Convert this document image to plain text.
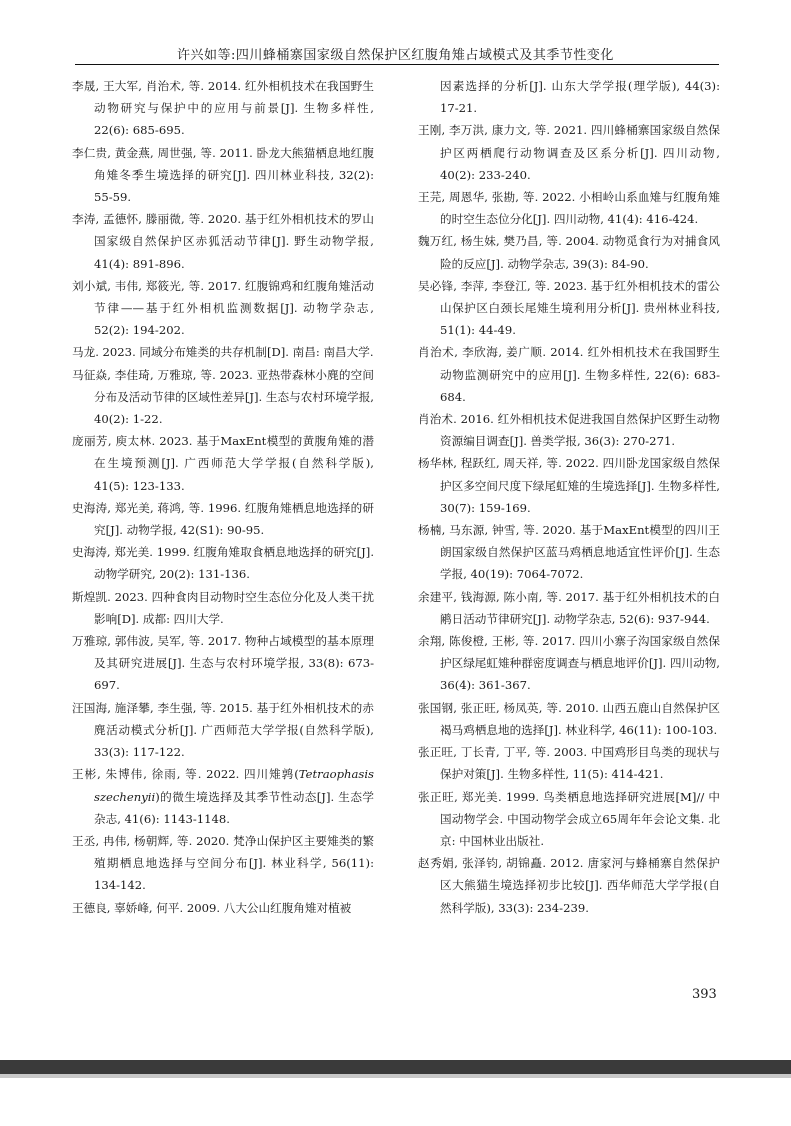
许兴如等:四川蜂桶寨国家级自然保护区红腹角雉占域模式及其季节性变化
李晟, 王大军, 肖治术, 等. 2014. 红外相机技术在我国野生动物研究与保护中的应用与前景[J]. 生物多样性, 22(6): 685-695.
李仁贵, 黄金燕, 周世强, 等. 2011. 卧龙大熊猫栖息地红腹角雉冬季生境选择的研究[J]. 四川林业科技, 32(2): 55-59.
李涛, 孟德怀, 滕丽微, 等. 2020. 基于红外相机技术的罗山国家级自然保护区赤狐活动节律[J]. 野生动物学报, 41(4): 891-896.
刘小斌, 韦伟, 郑筱光, 等. 2017. 红腹锦鸡和红腹角雉活动节律——基于红外相机监测数据[J]. 动物学杂志, 52(2): 194-202.
马龙. 2023. 同域分布雉类的共存机制[D]. 南昌: 南昌大学.
马征焱, 李佳琦, 万雅琼, 等. 2023. 亚热带森林小麂的空间分布及活动节律的区域性差异[J]. 生态与农村环境学报, 40(2): 1-22.
庞丽芳, 庾太林. 2023. 基于MaxEnt模型的黄腹角雉的潜在生境预测[J]. 广西师范大学学报(自然科学版), 41(5): 123-133.
史海涛, 郑光美, 蒋鸿, 等. 1996. 红腹角雉栖息地选择的研究[J]. 动物学报, 42(S1): 90-95.
史海涛, 郑光美. 1999. 红腹角雉取食栖息地选择的研究[J]. 动物学研究, 20(2): 131-136.
斯煌凯. 2023. 四种食肉目动物时空生态位分化及人类干扰影响[D]. 成都: 四川大学.
万雅琼, 郭伟波, 吴军, 等. 2017. 物种占域模型的基本原理及其研究进展[J]. 生态与农村环境学报, 33(8): 673-697.
汪国海, 施泽攀, 李生强, 等. 2015. 基于红外相机技术的赤麂活动模式分析[J]. 广西师范大学学报(自然科学版), 33(3): 117-122.
王彬, 朱博伟, 徐雨, 等. 2022. 四川雉鹑(Tetraophasis szechenyii)的微生境选择及其季节性动态[J]. 生态学杂志, 41(6): 1143-1148.
王丞, 冉伟, 杨朝辉, 等. 2020. 梵净山保护区主要雉类的繁殖期栖息地选择与空间分布[J]. 林业科学, 56(11): 134-142.
王德良, 辜娇峰, 何平. 2009. 八大公山红腹角雉对植被
因素选择的分析[J]. 山东大学学报(理学版), 44(3): 17-21.
王刚, 李万洪, 康力文, 等. 2021. 四川蜂桶寨国家级自然保护区两栖爬行动物调查及区系分析[J]. 四川动物, 40(2): 233-240.
王芫, 周恩华, 张勘, 等. 2022. 小相岭山系血雉与红腹角雉的时空生态位分化[J]. 四川动物, 41(4): 416-424.
魏万红, 杨生妹, 樊乃昌, 等. 2004. 动物觅食行为对捕食风险的反应[J]. 动物学杂志, 39(3): 84-90.
吴必锋, 李萍, 李登江, 等. 2023. 基于红外相机技术的雷公山保护区白颈长尾雉生境利用分析[J]. 贵州林业科技, 51(1): 44-49.
肖治术, 李欣海, 姜广顺. 2014. 红外相机技术在我国野生动物监测研究中的应用[J]. 生物多样性, 22(6): 683-684.
肖治术. 2016. 红外相机技术促进我国自然保护区野生动物资源编目调查[J]. 兽类学报, 36(3): 270-271.
杨华林, 程跃红, 周天祥, 等. 2022. 四川卧龙国家级自然保护区多空间尺度下绿尾虹雉的生境选择[J]. 生物多样性, 30(7): 159-169.
杨楠, 马东源, 钟雪, 等. 2020. 基于MaxEnt模型的四川王朗国家级自然保护区蓝马鸡栖息地适宜性评价[J]. 生态学报, 40(19): 7064-7072.
余建平, 钱海源, 陈小南, 等. 2017. 基于红外相机技术的白鹇日活动节律研究[J]. 动物学杂志, 52(6): 937-944.
余翔, 陈俊橙, 王彬, 等. 2017. 四川小寨子沟国家级自然保护区绿尾虹雉种群密度调查与栖息地评价[J]. 四川动物, 36(4): 361-367.
张国钢, 张正旺, 杨凤英, 等. 2010. 山西五鹿山自然保护区褐马鸡栖息地的选择[J]. 林业科学, 46(11): 100-103.
张正旺, 丁长青, 丁平, 等. 2003. 中国鸡形目鸟类的现状与保护对策[J]. 生物多样性, 11(5): 414-421.
张正旺, 郑光美. 1999. 鸟类栖息地选择研究进展[M]// 中国动物学会. 中国动物学会成立65周年年会论文集. 北京: 中国林业出版社.
赵秀娟, 张泽钧, 胡锦矗. 2012. 唐家河与蜂桶寨自然保护区大熊猫生境选择初步比较[J]. 西华师范大学学报(自然科学版), 33(3): 234-239.
393
